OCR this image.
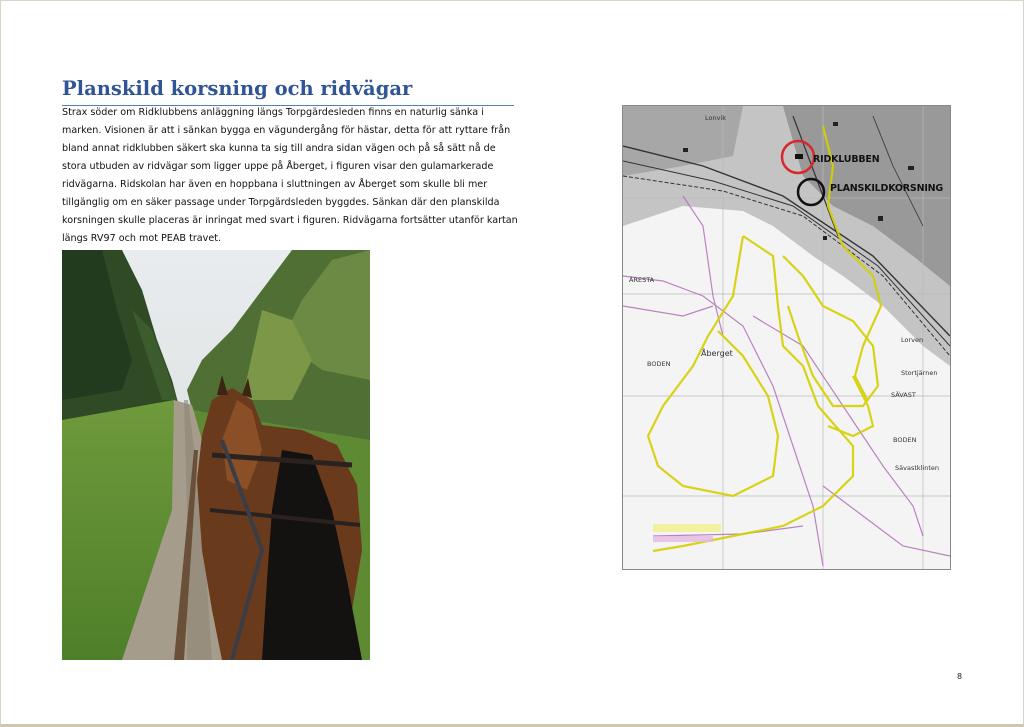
Planskild korsning och ridvägar

Strax söder om Ridklubbens anläggning längs Torpgärdesleden finns en naturlig sänka i marken. Visionen är att i sänkan bygga en vägundergång för hästar, detta för att ryttare från bland annat ridklubben säkert ska kunna ta sig till andra sidan vägen och på så sätt nå de stora utbuden av ridvägar som ligger uppe på Åberget, i figuren visar den gulamarkerade ridvägarna. Ridskolan har även en hoppbana i sluttningen av Åberget som skulle bli mer tillgänglig om en säker passage under Torpgärdsleden byggdes. Sänkan där den planskilda korsningen skulle placeras är inringat med svart i figuren. Ridvägarna fortsätter utanför kartan längs RV97 och mot PEAB travet.

RIDKLUBBEN
PLANSKILDKORSNING
Åberget
BODEN
BODEN
ÄRESTA
Lorven
SÄVAST
Stortjärnen
Sävastklinten
Lonvik
8
